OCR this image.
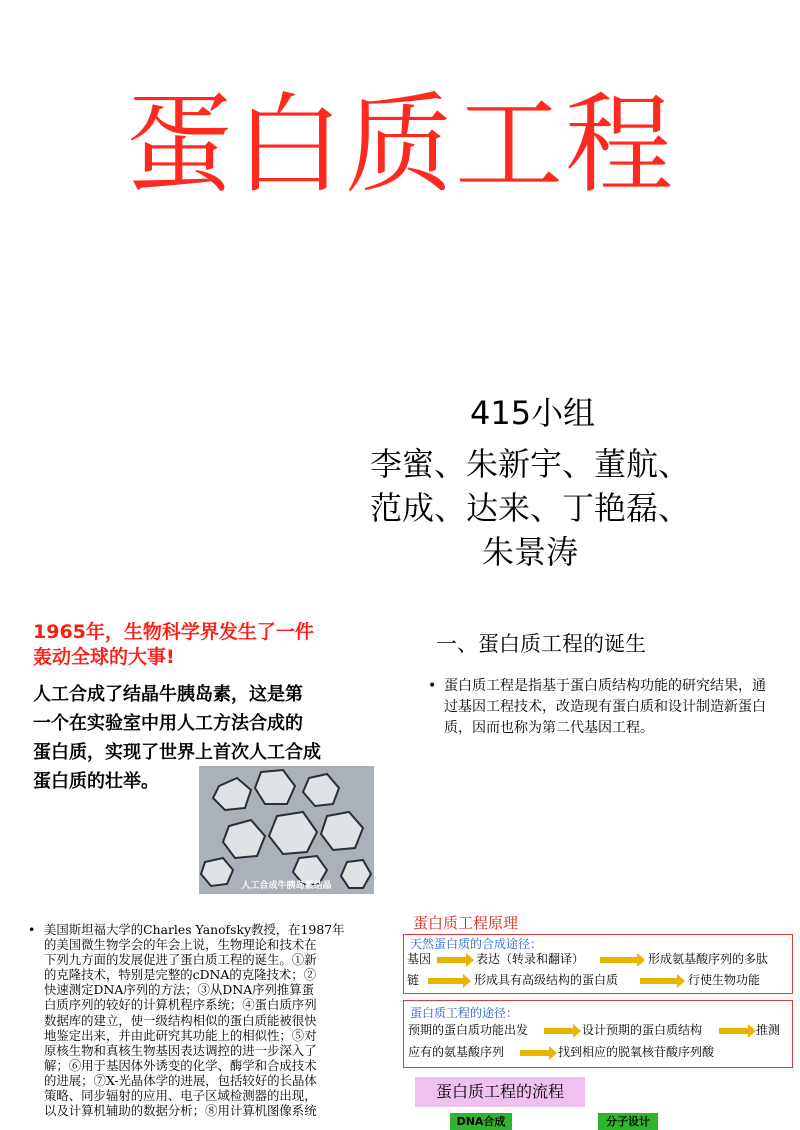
蛋白质工程
415小组
李蜜、朱新宇、董航、
范成、达来、丁艳磊、
朱景涛
1965年，生物科学界发生了一件
轰动全球的大事!
人工合成了结晶牛胰岛素，这是第
一个在实验室中用人工方法合成的
蛋白质，实现了世界上首次人工合成
蛋白质的壮举。
人工合成牛胰岛素结晶
一、蛋白质工程的诞生
• 蛋白质工程是指基于蛋白质结构功能的研究结果，通过基因工程技术，改造现有蛋白质和设计制造新蛋白质，因而也称为第二代基因工程。
• 美国斯坦福大学的Charles Yanofsky教授，在1987年
的美国微生物学会的年会上说，生物理论和技术在
下列九方面的发展促进了蛋白质工程的诞生。①新
的克隆技术，特别是完整的cDNA的克隆技术；②
快速测定DNA序列的方法；③从DNA序列推算蛋
白质序列的较好的计算机程序系统；④蛋白质序列
数据库的建立，使一级结构相似的蛋白质能被很快
地鉴定出来，并由此研究其功能上的相似性；⑤对
原核生物和真核生物基因表达调控的进一步深入了
解；⑥用于基因体外诱变的化学、酶学和合成技术
的进展；⑦X-光晶体学的进展，包括较好的长晶体
策略、同步辐射的应用、电子区域检测器的出现，
以及计算机辅助的数据分析；⑧用计算机图像系统
蛋白质工程原理
天然蛋白质的合成途径：
基因	表达（转录和翻译）	形成氨基酸序列的多肽
链	形成具有高级结构的蛋白质	行使生物功能
蛋白质工程的途径：
预期的蛋白质功能出发	设计预期的蛋白质结构	推测
应有的氨基酸序列	找到相应的脱氧核苷酸序列酸
蛋白质工程的流程
DNA合成	分子设计
